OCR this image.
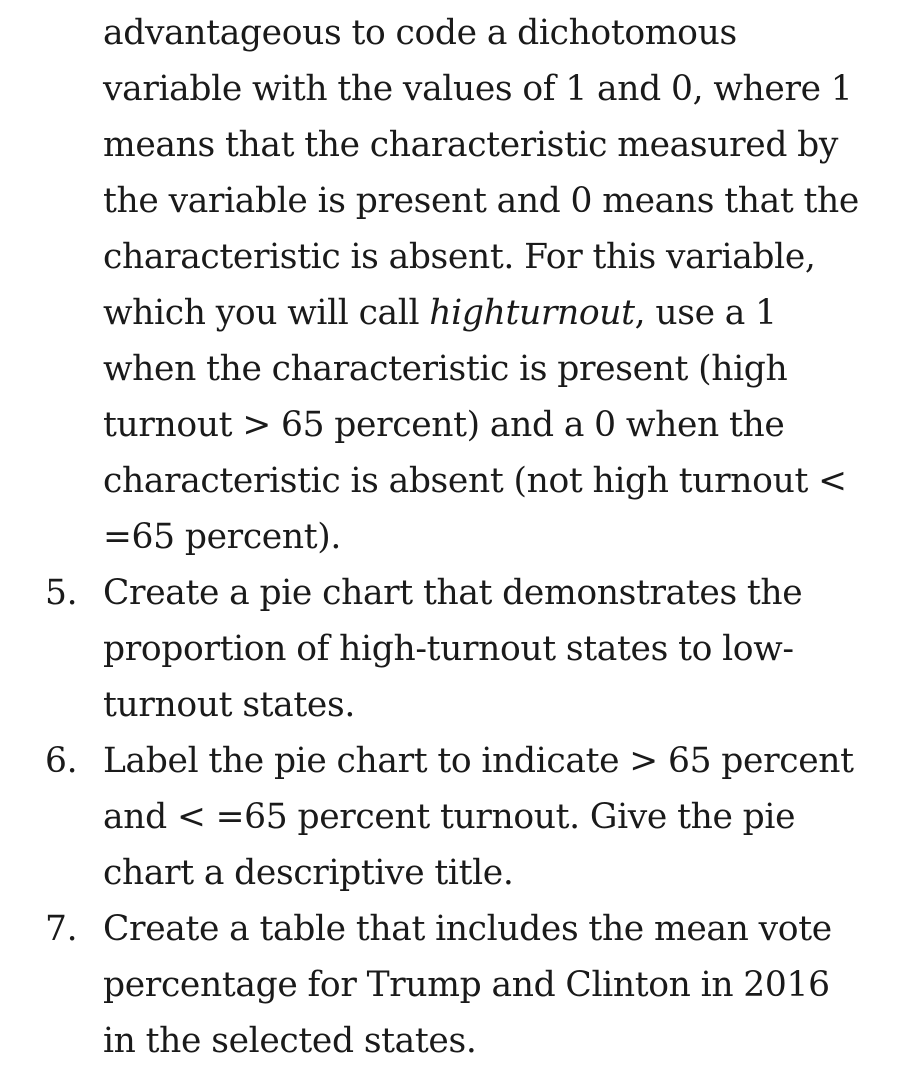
advantageous to code a dichotomous
variable with the values of 1 and 0, where 1
means that the characteristic measured by
the variable is present and 0 means that the
characteristic is absent. For this variable,
which you will call highturnout, use a 1
when the characteristic is present (high
turnout > 65 percent) and a 0 when the
characteristic is absent (not high turnout <
=65 percent).

5. Create a pie chart that demonstrates the
proportion of high-turnout states to low-
turnout states.
6. Label the pie chart to indicate > 65 percent
and < =65 percent turnout. Give the pie
chart a descriptive title.
7. Create a table that includes the mean vote
percentage for Trump and Clinton in 2016
in the selected states.
